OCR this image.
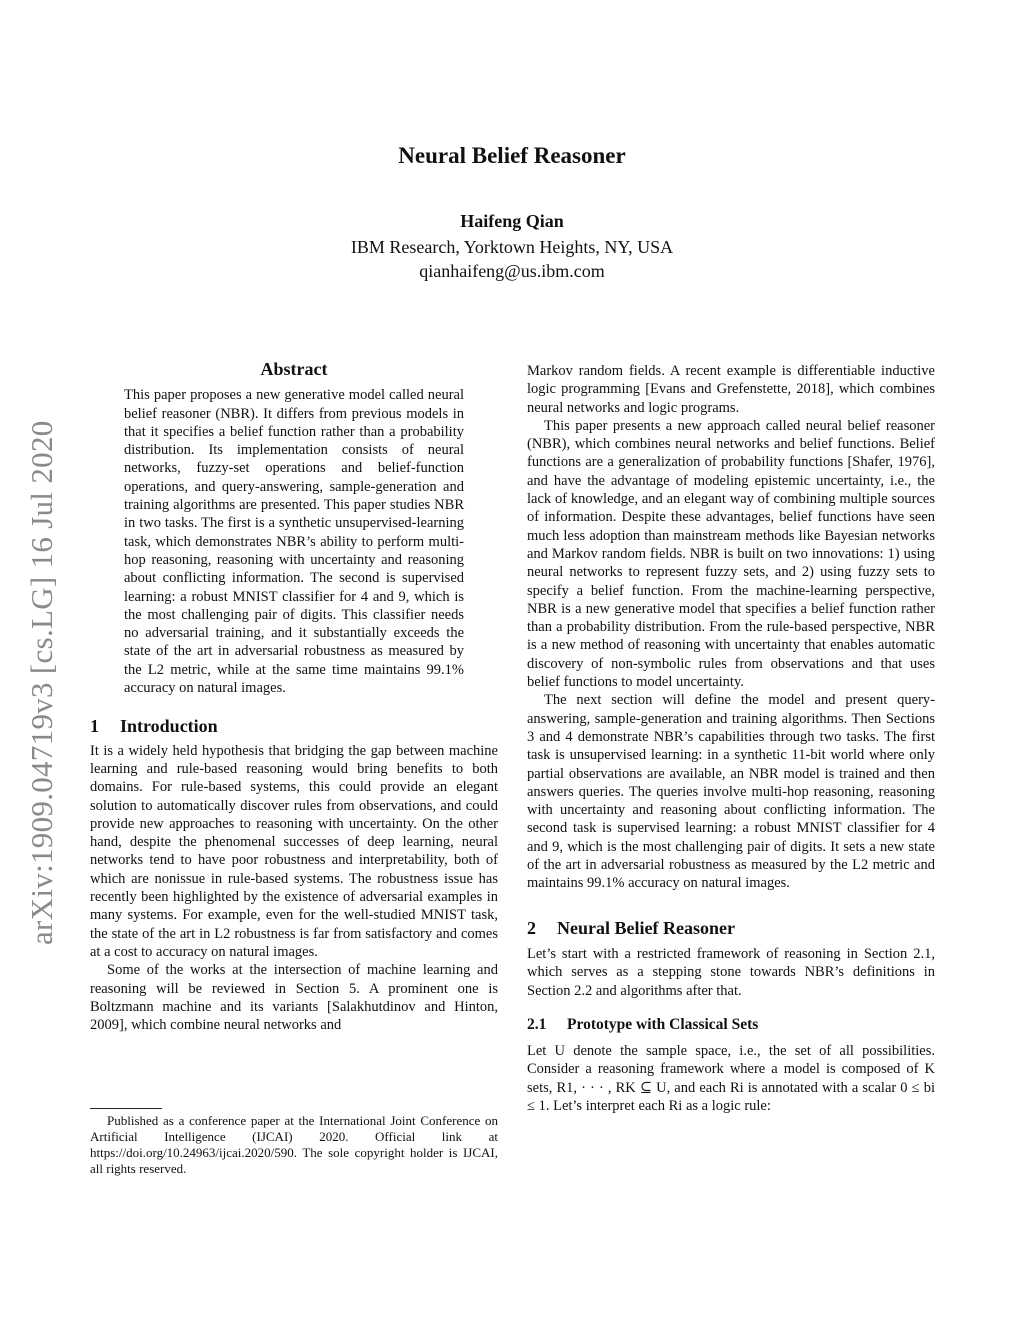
arXiv:1909.04719v3 [cs.LG] 16 Jul 2020
Neural Belief Reasoner
Haifeng Qian
IBM Research, Yorktown Heights, NY, USA
qianhaifeng@us.ibm.com
Abstract
This paper proposes a new generative model called neural belief reasoner (NBR). It differs from previous models in that it specifies a belief function rather than a probability distribution. Its implementation consists of neural networks, fuzzy-set operations and belief-function operations, and query-answering, sample-generation and training algorithms are presented. This paper studies NBR in two tasks. The first is a synthetic unsupervised-learning task, which demonstrates NBR’s ability to perform multi-hop reasoning, reasoning with uncertainty and reasoning about conflicting information. The second is supervised learning: a robust MNIST classifier for 4 and 9, which is the most challenging pair of digits. This classifier needs no adversarial training, and it substantially exceeds the state of the art in adversarial robustness as measured by the L2 metric, while at the same time maintains 99.1% accuracy on natural images.
1 Introduction

It is a widely held hypothesis that bridging the gap between machine learning and rule-based reasoning would bring benefits to both domains. For rule-based systems, this could provide an elegant solution to automatically discover rules from observations, and could provide new approaches to reasoning with uncertainty. On the other hand, despite the phenomenal successes of deep learning, neural networks tend to have poor robustness and interpretability, both of which are nonissue in rule-based systems. The robustness issue has recently been highlighted by the existence of adversarial examples in many systems. For example, even for the well-studied MNIST task, the state of the art in L2 robustness is far from satisfactory and comes at a cost to accuracy on natural images.

Some of the works at the intersection of machine learning and reasoning will be reviewed in Section 5. A prominent one is Boltzmann machine and its variants [Salakhutdinov and Hinton, 2009], which combine neural networks and

Published as a conference paper at the International Joint Conference on Artificial Intelligence (IJCAI) 2020. Official link at https://doi.org/10.24963/ijcai.2020/590. The sole copyright holder is IJCAI, all rights reserved.

Markov random fields. A recent example is differentiable inductive logic programming [Evans and Grefenstette, 2018], which combines neural networks and logic programs.

This paper presents a new approach called neural belief reasoner (NBR), which combines neural networks and belief functions. Belief functions are a generalization of probability functions [Shafer, 1976], and have the advantage of modeling epistemic uncertainty, i.e., the lack of knowledge, and an elegant way of combining multiple sources of information. Despite these advantages, belief functions have seen much less adoption than mainstream methods like Bayesian networks and Markov random fields. NBR is built on two innovations: 1) using neural networks to represent fuzzy sets, and 2) using fuzzy sets to specify a belief function. From the machine-learning perspective, NBR is a new generative model that specifies a belief function rather than a probability distribution. From the rule-based perspective, NBR is a new method of reasoning with uncertainty that enables automatic discovery of non-symbolic rules from observations and that uses belief functions to model uncertainty.

The next section will define the model and present query-answering, sample-generation and training algorithms. Then Sections 3 and 4 demonstrate NBR’s capabilities through two tasks. The first task is unsupervised learning: in a synthetic 11-bit world where only partial observations are available, an NBR model is trained and then answers queries. The queries involve multi-hop reasoning, reasoning with uncertainty and reasoning about conflicting information. The second task is supervised learning: a robust MNIST classifier for 4 and 9, which is the most challenging pair of digits. It sets a new state of the art in adversarial robustness as measured by the L2 metric and maintains 99.1% accuracy on natural images.

2 Neural Belief Reasoner

Let’s start with a restricted framework of reasoning in Section 2.1, which serves as a stepping stone towards NBR’s definitions in Section 2.2 and algorithms after that.

2.1 Prototype with Classical Sets

Let U denote the sample space, i.e., the set of all possibilities. Consider a reasoning framework where a model is composed of K sets, R1, · · · , RK ⊆ U, and each Ri is annotated with a scalar 0 ≤ bi ≤ 1. Let’s interpret each Ri as a logic rule:
